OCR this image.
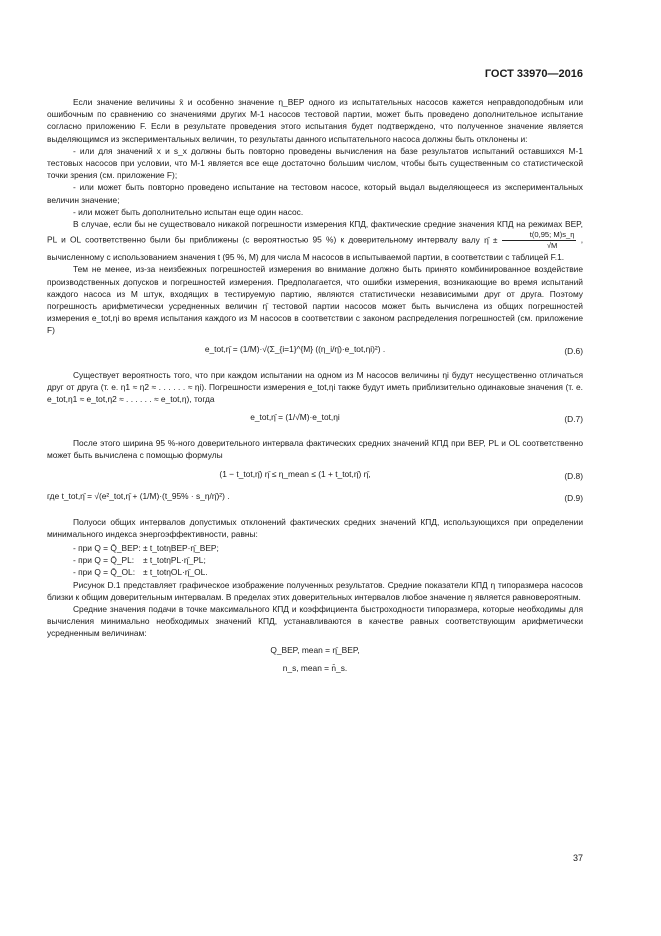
ГОСТ 33970—2016

Если значение величины x̄ и особенно значение η_BEP одного из испытательных насосов кажется неправдоподобным или ошибочным по сравнению со значениями других M-1 насосов тестовой партии, может быть проведено дополнительное испытание согласно приложению F. Если в результате проведения этого испытания будет подтверждено, что полученное значение является выделяющимся из экспериментальных величин, то результаты данного испытательного насоса должны быть отклонены и:

- или для значений x и s_x должны быть повторно проведены вычисления на базе результатов испытаний оставшихся M-1 тестовых насосов при условии, что M-1 является все еще достаточно большим числом, чтобы быть существенным со статистической точки зрения (см. приложение F);

- или может быть повторно проведено испытание на тестовом насосе, который выдал выделяющееся из экспериментальных величин значение;

- или может быть дополнительно испытан еще один насос.

В случае, если бы не существовало никакой погрешности измерения КПД, фактические средние значения КПД на режимах BEP, PL и OL соответственно были бы приближены (с вероятностью 95 %) к доверительному интервалу валу η̄ ± $\frac{t(0,95; M)s\_\eta}{√M}$ , вычисленному с использованием значения t (95 %, M) для числа M насосов в испытываемой партии, в соответствии с таблицей F.1.

Тем не менее, из-за неизбежных погрешностей измерения во внимание должно быть принято комбинированное воздействие производственных допусков и погрешностей измерения. Предполагается, что ошибки измерения, возникающие во время испытаний каждого насоса из M штук, входящих в тестируемую партию, являются статистически независимыми друг от друга. Поэтому погрешность арифметически усредненных величин η̄ тестовой партии насосов может быть вычислена из общих погрешностей измерения e_tot,ηi во время испытания каждого из M насосов в соответствии с законом распределения погрешностей (см. приложение F)

e_tot,η̄ = (1/M)·√(Σ_{i=1}^{M} ((η_i/η̄)·e_tot,ηi)²) .	(D.6)

Существует вероятность того, что при каждом испытании на одном из M насосов величины ηi будут несущественно отличаться друг от друга (т. е. η1 ≈ η2 ≈ . . . . . . ≈ ηi). Погрешности измерения e_tot,ηi также будут иметь приблизительно одинаковые значения (т. е. e_tot,η1 ≈ e_tot,η2 ≈ . . . . . . ≈ e_tot,η), тогда

e_tot,η̄ = (1/√M)·e_tot,ηi	(D.7)

После этого ширина 95 %-ного доверительного интервала фактических средних значений КПД при BEP, PL и OL соответственно может быть вычислена с помощью формулы

(1 − t_tot,η̄) η̄ ≤ η_mean ≤ (1 + t_tot,η̄) η̄,	(D.8)
где t_tot,η̄ = √(e²_tot,η̄ + (1/M)·(t_95% · s_η/η̄)²) .	(D.9)

Полуоси общих интервалов допустимых отклонений фактических средних значений КПД, использующихся при определении минимального индекса энергоэффективности, равны:

- при Q = Q̄_BEP: ± t_totηBEP·η̄_BEP;
- при Q = Q̄_PL:	± t_totηPL·η̄_PL;
- при Q = Q̄_OL: ± t_totηOL·η̄_OL.

Рисунок D.1 представляет графическое изображение полученных результатов. Средние показатели КПД η типоразмера насосов близки к общим доверительным интервалам. В пределах этих доверительных интервалов любое значение η является равновероятным.

Средние значения подачи в точке максимального КПД и коэффициента быстроходности типоразмера, которые необходимы для вычисления минимально необходимых значений КПД, устанавливаются в качестве равных соответствующим арифметически усредненным величинам:

Q_BEP, mean = η̄_BEP,
n_s, mean = n̄_s.
37
